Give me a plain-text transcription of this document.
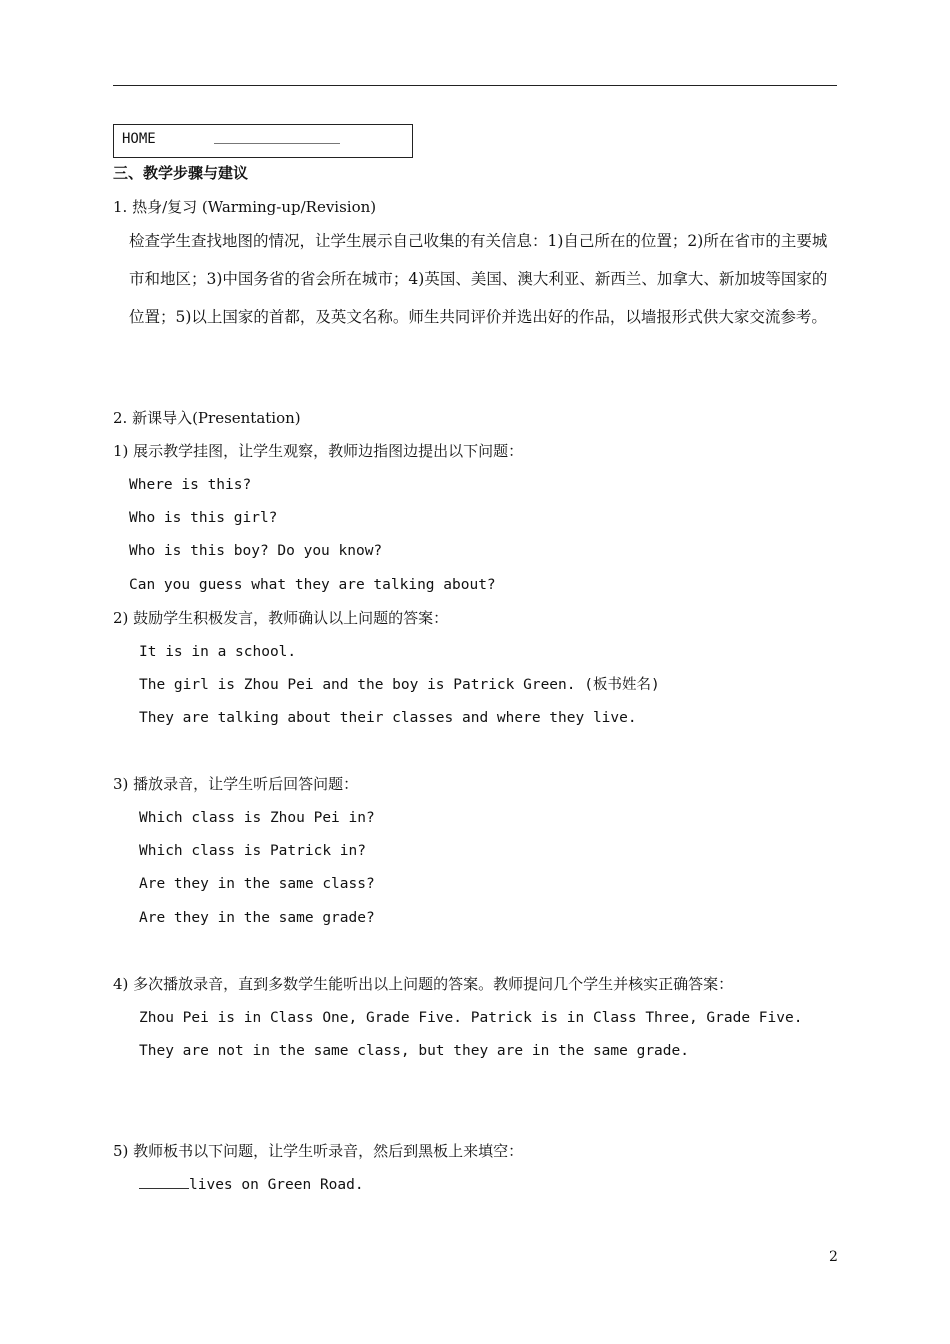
HOME
三、教学步骤与建议
1. 热身/复习 (Warming-up/Revision)
检查学生查找地图的情况，让学生展示自己收集的有关信息：1)自己所在的位置；2)所在省市的主要城市和地区；3)中国务省的省会所在城市；4)英国、美国、澳大利亚、新西兰、加拿大、新加坡等国家的位置；5)以上国家的首都，及英文名称。师生共同评价并选出好的作品，以墙报形式供大家交流参考。
2. 新课导入(Presentation)
1) 展示教学挂图，让学生观察，教师边指图边提出以下问题：
Where is this?
Who is this girl?
Who is this boy? Do you know?
Can you guess what they are talking about?
2) 鼓励学生积极发言，教师确认以上问题的答案：
It is in a school.
The girl is Zhou Pei and the boy is Patrick Green. (板书姓名)
They are talking about their classes and where they live.
3) 播放录音，让学生听后回答问题：
Which class is Zhou Pei in?
Which class is Patrick in?
Are they in the same class?
Are they in the same grade?
4) 多次播放录音，直到多数学生能听出以上问题的答案。教师提问几个学生并核实正确答案：
Zhou Pei is in Class One, Grade Five. Patrick is in Class Three, Grade Five.
They are not in the same class, but they are in the same grade.
5) 教师板书以下问题，让学生听录音，然后到黑板上来填空：
lives on Green Road.
2
